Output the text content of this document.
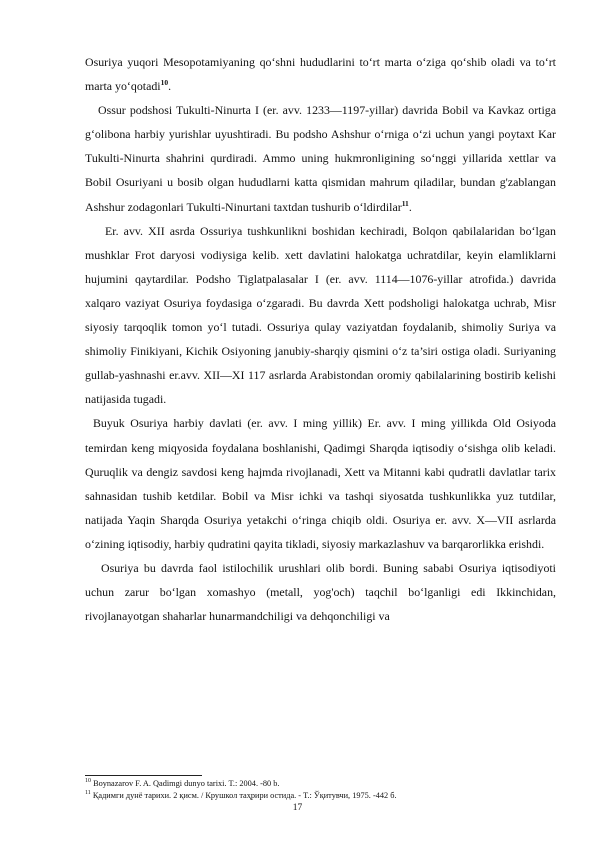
Osuriya yuqori Mesopotamiyaning qo‘shni hududlarini to‘rt marta o‘ziga qo‘shib oladi va to‘rt marta yo‘qotadi$^{10}$.

Ossur podshosi Tukulti-Ninurta I (er. avv. 1233—1197-yillar) davrida Bobil va Kavkaz ortiga g‘olibona harbiy yurishlar uyushtiradi. Bu podsho Ashshur o‘rniga o‘zi uchun yangi poytaxt Kar Tukulti-Ninurta shahrini qurdiradi. Ammo uning hukmronligining so‘nggi yillarida xettlar va Bobil Osuriyani u bosib olgan hududlarni katta qismidan mahrum qiladilar, bundan g'zablangan Ashshur zodagonlari Tukulti-Ninurtani taxtdan tushurib o‘ldirdilar$^{11}$.

Er. avv. XII asrda Ossuriya tushkunlikni boshidan kechiradi, Bolqon qabilalaridan bo‘lgan mushklar Frot daryosi vodiysiga kelib. xett davlatini halokatga uchratdilar, keyin elamliklarni hujumini qaytardilar. Podsho Tiglatpalasalar I (er. avv. 1114—1076-yillar atrofida.) davrida xalqaro vaziyat Osuriya foydasiga o‘zgaradi. Bu davrda Xett podsholigi halokatga uchrab, Misr siyosiy tarqoqlik tomon yo‘l tutadi. Ossuriya qulay vaziyatdan foydalanib, shimoliy Suriya va shimoliy Finikiyani, Kichik Osiyoning janubiy-sharqiy qismini o‘z ta’siri ostiga oladi. Suriyaning gullab-yashnashi er.avv. XII—XI 117 asrlarda Arabistondan oromiy qabilalarining bostirib kelishi natijasida tugadi.

Buyuk Osuriya harbiy davlati (er. avv. I ming yillik) Er. avv. I ming yillikda Old Osiyoda temirdan keng miqyosida foydalana boshlanishi, Qadimgi Sharqda iqtisodiy o‘sishga olib keladi. Quruqlik va dengiz savdosi keng hajmda rivojlanadi, Xett va Mitanni kabi qudratli davlatlar tarix sahnasidan tushib ketdilar. Bobil va Misr ichki va tashqi siyosatda tushkunlikka yuz tutdilar, natijada Yaqin Sharqda Osuriya yetakchi o‘ringa chiqib oldi. Osuriya er. avv. X—VII asrlarda o‘zining iqtisodiy, harbiy qudratini qayita tikladi, siyosiy markazlashuv va barqarorlikka erishdi.

Osuriya bu davrda faol istilochilik urushlari olib bordi. Buning sababi Osuriya iqtisodiyoti uchun zarur bo‘lgan xomashyo (metall, yog'och) taqchil bo‘lganligi edi Ikkinchidan, rivojlanayotgan shaharlar hunarmandchiligi va dehqonchiligi va

$^{10}$ Boynazarov F. A. Qadimgi dunyo tarixi. T.: 2004. -80 b.
$^{11}$ Қадимги дунё тарихи. 2 қисм. / Крушкол таҳрири остида. - Т.: Ўқитувчи, 1975. -442 б.
17
